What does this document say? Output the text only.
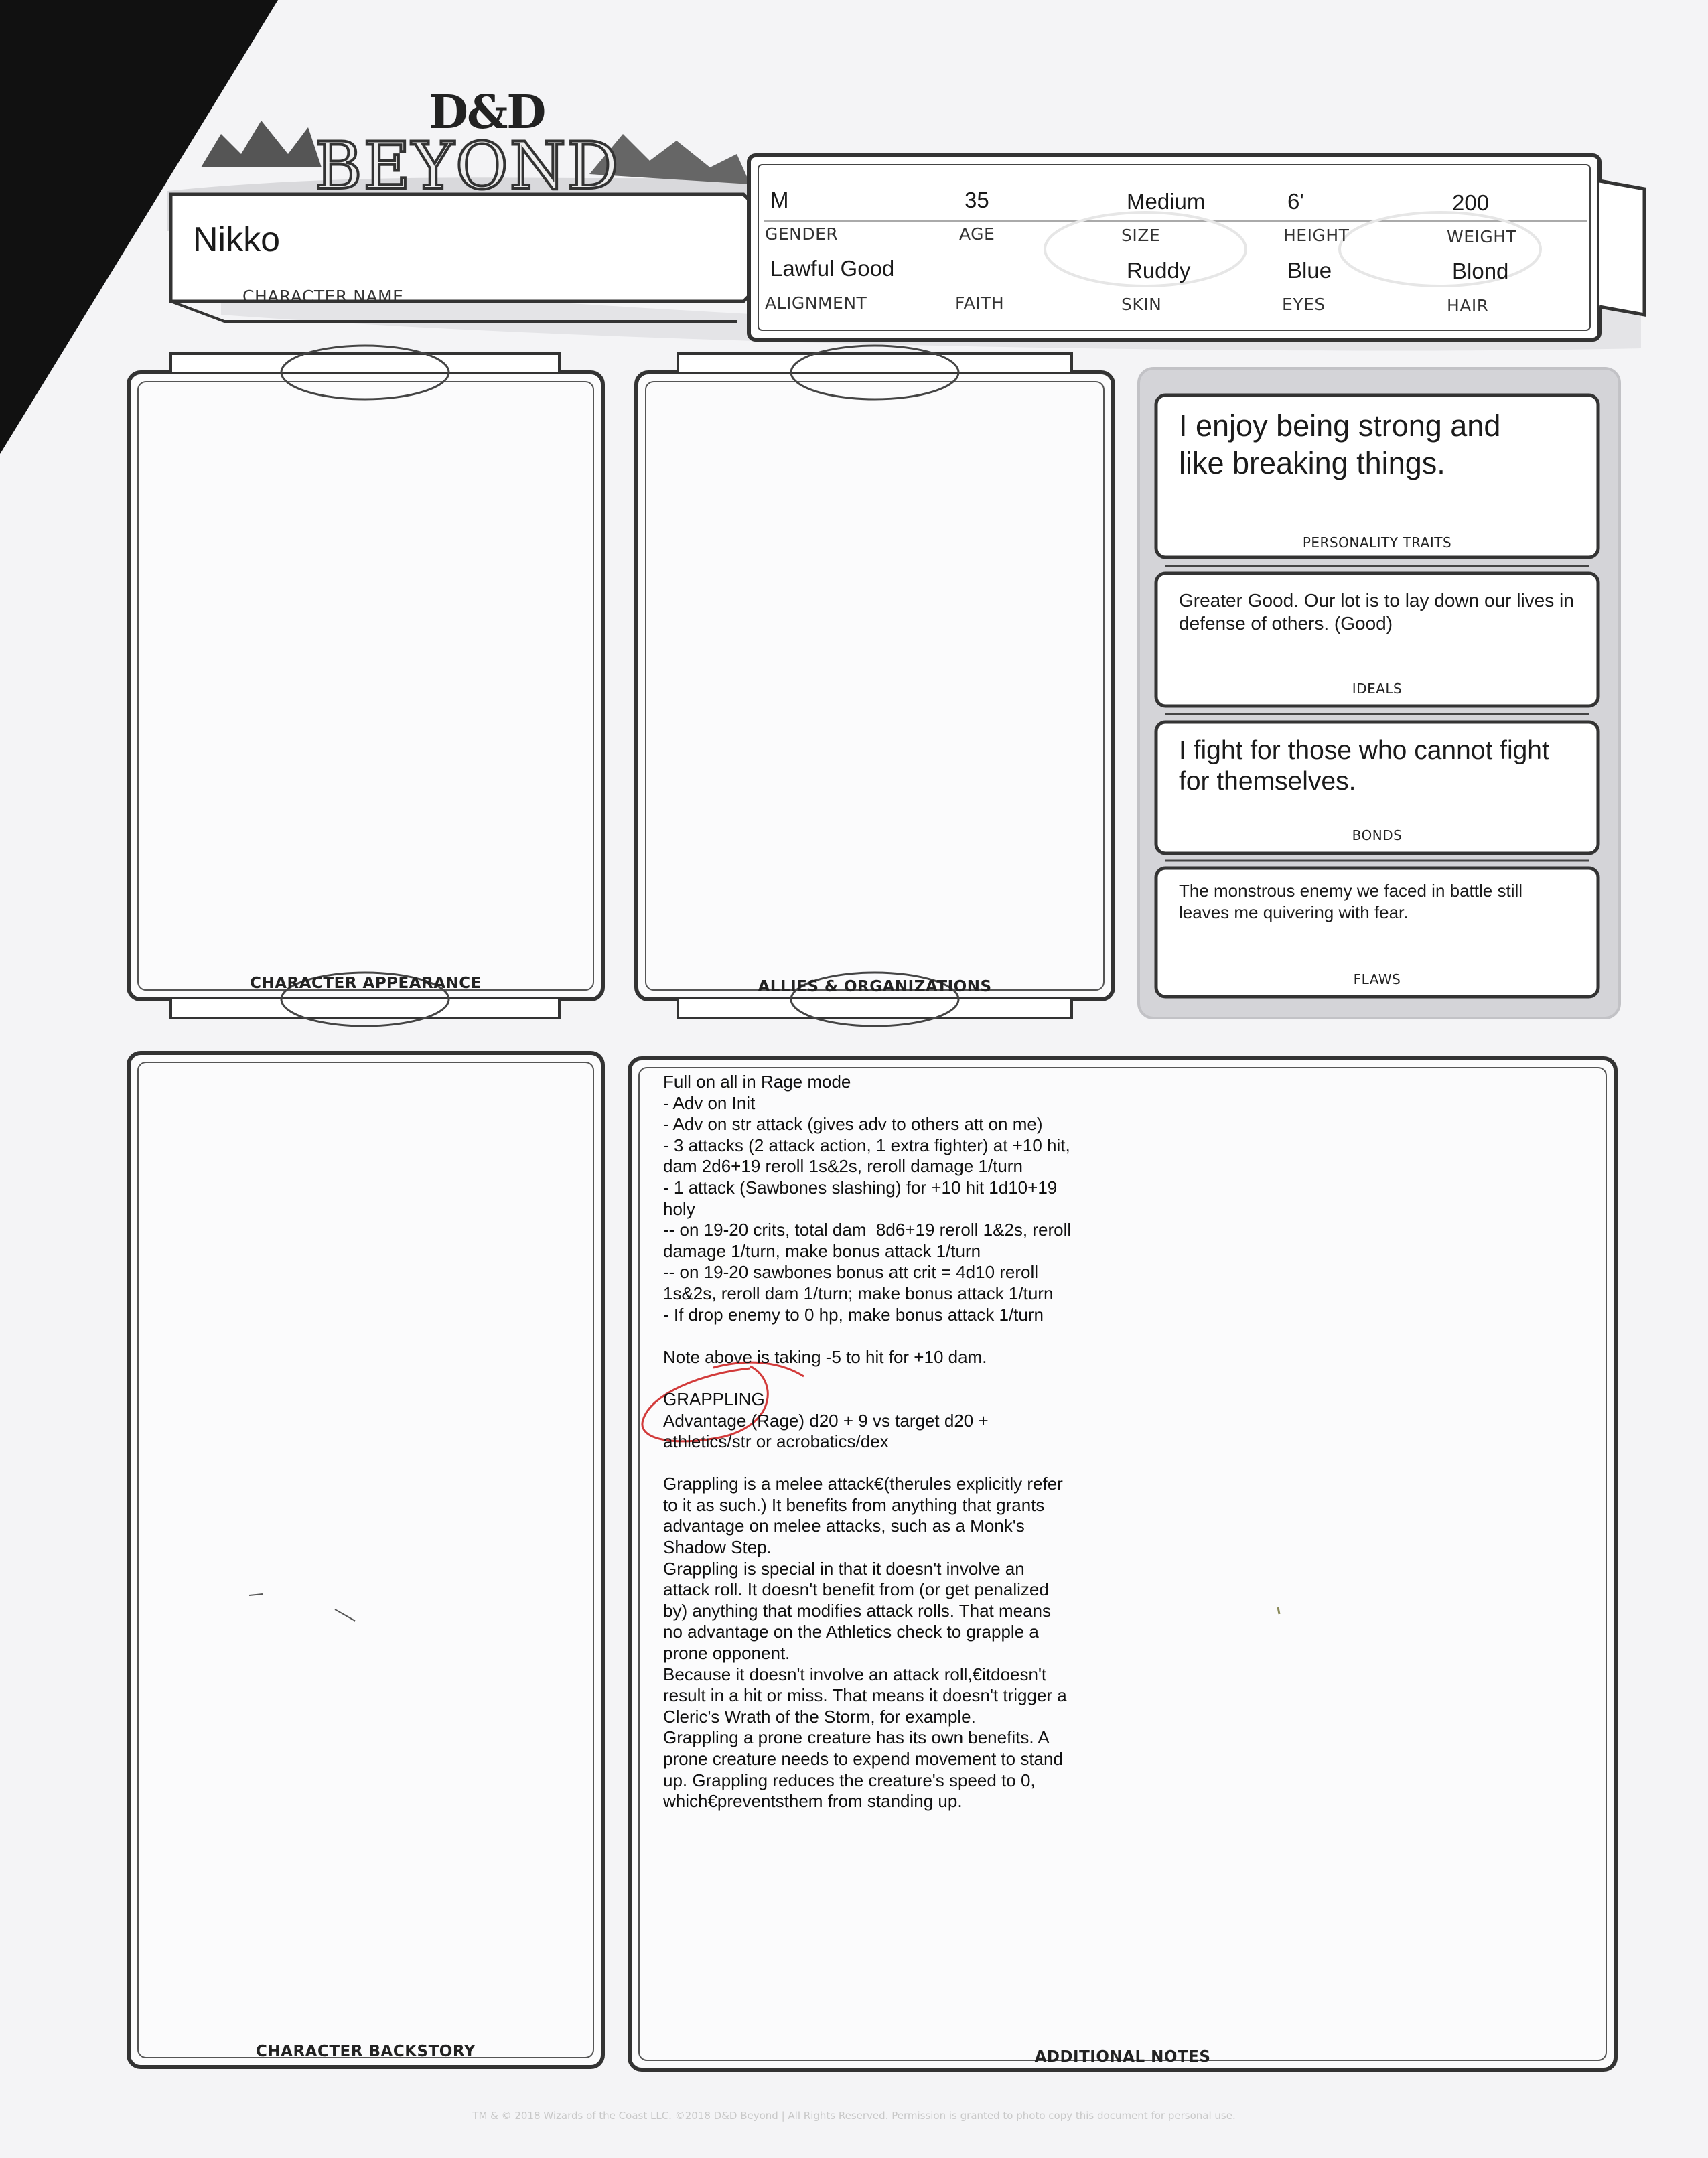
D&D
BEYOND
Nikko
CHARACTER NAME
M
GENDER
35
AGE
Medium
SIZE
6'
HEIGHT
200
WEIGHT
Lawful Good
ALIGNMENT	FAITH
Ruddy
SKIN
Blue
EYES
Blond
HAIR
CHARACTER APPEARANCE	ALLIES & ORGANIZATIONS
CHARACTER BACKSTORY	ADDITIONAL NOTES
I enjoy being strong and
like breaking things.
PERSONALITY TRAITS
Greater Good. Our lot is to lay down our lives in
defense of others. (Good)
IDEALS
I fight for those who cannot fight
for themselves.
BONDS
The monstrous enemy we faced in battle still
leaves me quivering with fear.
FLAWS
Full on all in Rage mode
- Adv on Init
- Adv on str attack (gives adv to others att on me)
- 3 attacks (2 attack action, 1 extra fighter) at +10 hit,
dam 2d6+19 reroll 1s&2s, reroll damage 1/turn
- 1 attack (Sawbones slashing) for +10 hit 1d10+19
holy
-- on 19-20 crits, total dam  8d6+19 reroll 1&2s, reroll
damage 1/turn, make bonus attack 1/turn
-- on 19-20 sawbones bonus att crit = 4d10 reroll
1s&2s, reroll dam 1/turn; make bonus attack 1/turn
- If drop enemy to 0 hp, make bonus attack 1/turn
Note above is taking -5 to hit for +10 dam.
GRAPPLING
Advantage (Rage) d20 + 9 vs target d20 +
athletics/str or acrobatics/dex
Grappling is a melee attack€(therules explicitly refer
to it as such.) It benefits from anything that grants
advantage on melee attacks, such as a Monk's
Shadow Step.
Grappling is special in that it doesn't involve an
attack roll. It doesn't benefit from (or get penalized
by) anything that modifies attack rolls. That means
no advantage on the Athletics check to grapple a
prone opponent.
Because it doesn't involve an attack roll,€itdoesn't
result in a hit or miss. That means it doesn't trigger a
Cleric's Wrath of the Storm, for example.
Grappling a prone creature has its own benefits. A
prone creature needs to expend movement to stand
up. Grappling reduces the creature's speed to 0,
which€preventsthem from standing up.
TM & © 2018 Wizards of the Coast LLC. ©2018 D&D Beyond | All Rights Reserved. Permission is granted to photo copy this document for personal use.
